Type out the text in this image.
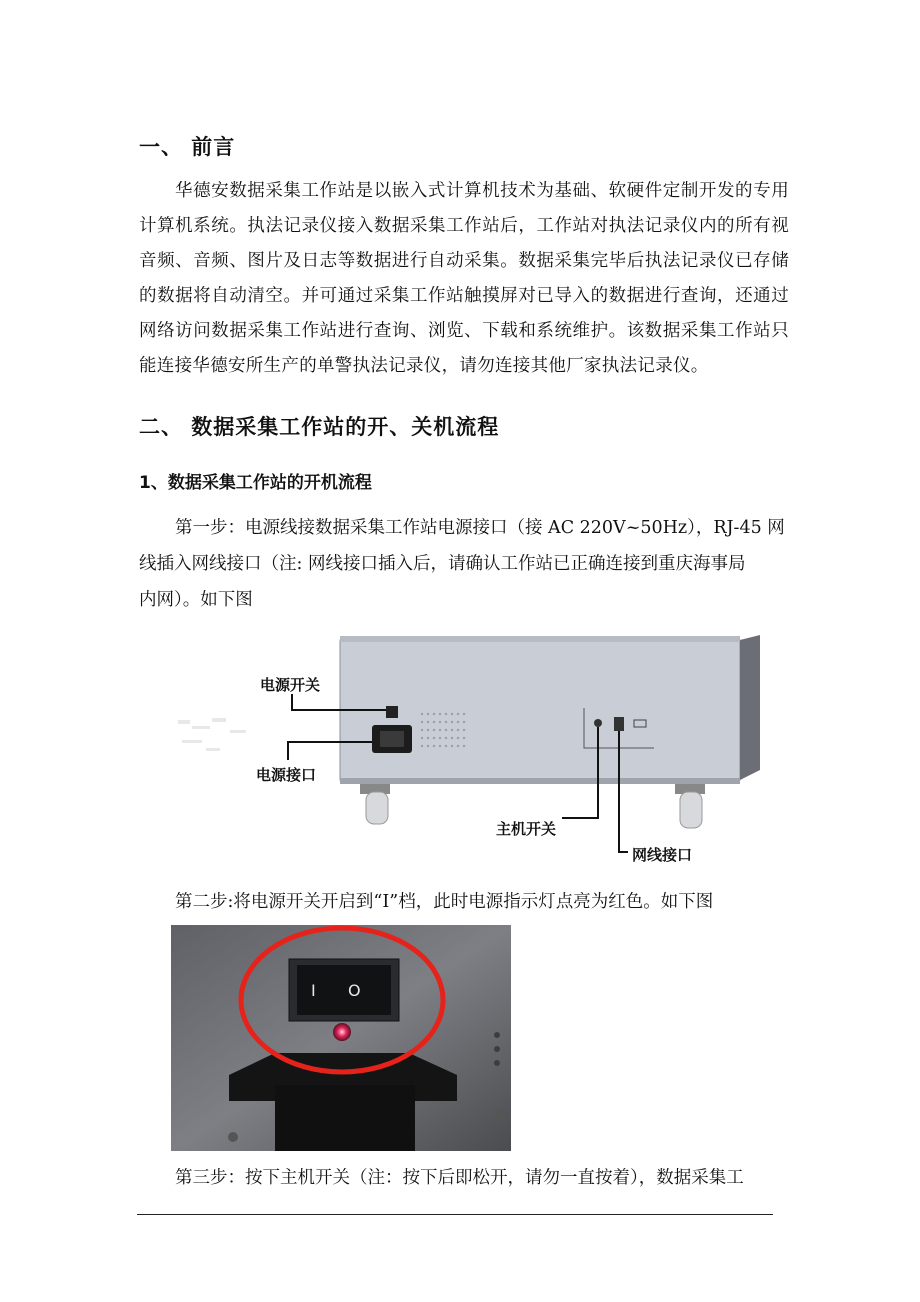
一、 前言
华德安数据采集工作站是以嵌入式计算机技术为基础、软硬件定制开发的专用计算机系统。执法记录仪接入数据采集工作站后，工作站对执法记录仪内的所有视音频、音频、图片及日志等数据进行自动采集。数据采集完毕后执法记录仪已存储的数据将自动清空。并可通过采集工作站触摸屏对已导入的数据进行查询，还通过网络访问数据采集工作站进行查询、浏览、下载和系统维护。该数据采集工作站只能连接华德安所生产的单警执法记录仪，请勿连接其他厂家执法记录仪。
二、 数据采集工作站的开、关机流程
1、数据采集工作站的开机流程
第一步：电源线接数据采集工作站电源接口（接 AC 220V~50Hz），RJ-45 网
线插入网线接口（注: 网线接口插入后，请确认工作站已正确连接到重庆海事局
内网）。如下图
电源开关
电源接口
主机开关
网线接口
第二步:将电源开关开启到“I”档，此时电源指示灯点亮为红色。如下图
I O
第三步：按下主机开关（注：按下后即松开，请勿一直按着），数据采集工
